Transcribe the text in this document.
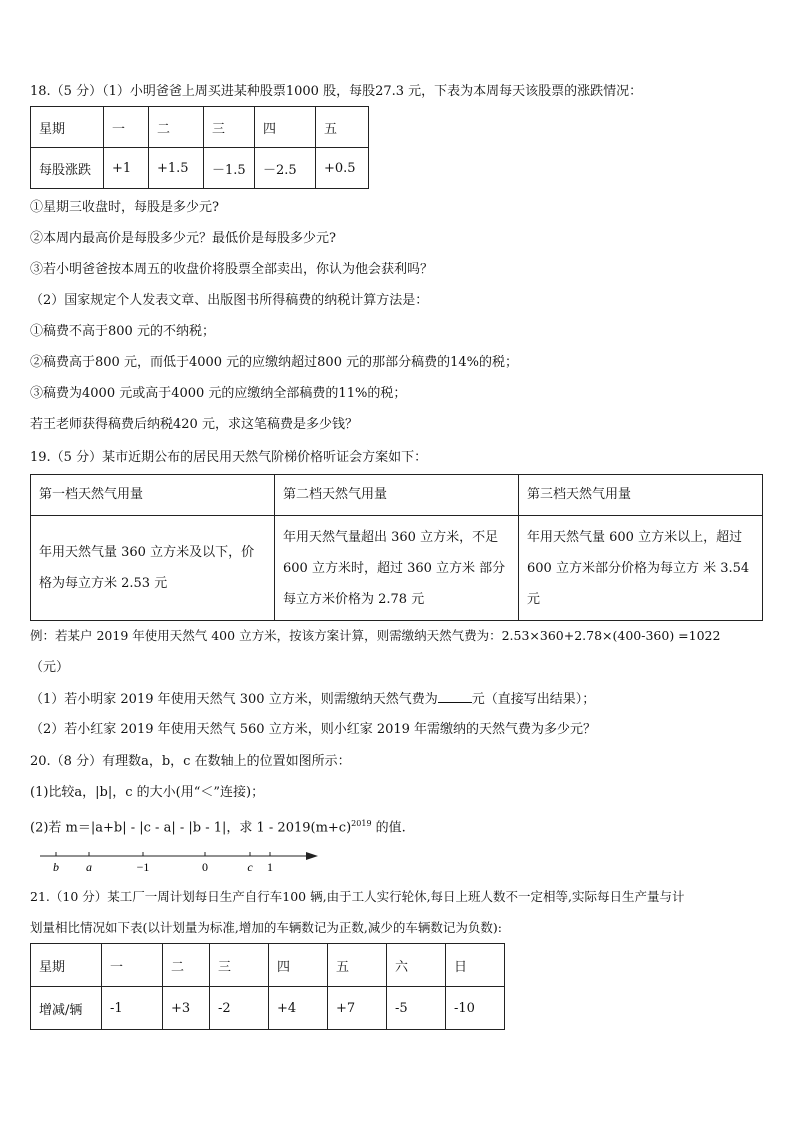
18.（5 分）（1）小明爸爸上周买进某种股票1000 股，每股27.3 元，下表为本周每天该股票的涨跌情况：
星期	一	二	三	四	五
每股涨跌	+1	+1.5	－1.5	－2.5	+0.5
①星期三收盘时，每股是多少元?
②本周内最高价是每股多少元？最低价是每股多少元?
③若小明爸爸按本周五的收盘价将股票全部卖出，你认为他会获利吗？
（2）国家规定个人发表文章、出版图书所得稿费的纳税计算方法是：
①稿费不高于800 元的不纳税；
②稿费高于800 元，而低于4000 元的应缴纳超过800 元的那部分稿费的14%的税；
③稿费为4000 元或高于4000 元的应缴纳全部稿费的11%的税；
若王老师获得稿费后纳税420 元，求这笔稿费是多少钱？
19.（5 分）某市近期公布的居民用天然气阶梯价格听证会方案如下：
第一档天然气用量	第二档天然气用量	第三档天然气用量
年用天然气量 360 立方米及以下，价格为每立方米 2.53 元	年用天然气量超出 360 立方米，不足 600 立方米时，超过 360 立方米 部分每立方米价格为 2.78 元	年用天然气量 600 立方米以上，超过 600 立方米部分价格为每立方 米 3.54 元
例：若某户 2019 年使用天然气 400 立方米，按该方案计算，则需缴纳天然气费为：2.53×360+2.78×(400-360) =1022
（元）
（1）若小明家 2019 年使用天然气 300 立方米，则需缴纳天然气费为	元（直接写出结果）；
（2）若小红家 2019 年使用天然气 560 立方米，则小红家 2019 年需缴纳的天然气费为多少元？
20.（8 分）有理数a，b，c 在数轴上的位置如图所示：
(1)比较a，|b|，c 的大小(用“＜”连接)；
(2)若 m＝|a+b| - |c - a| - |b - 1|，求 $1 - 2019(m+c)^{2019}$ 的值.
b a	−1	0	c 1
21.（10 分）某工厂一周计划每日生产自行车100 辆,由于工人实行轮休,每日上班人数不一定相等,实际每日生产量与计
划量相比情况如下表(以计划量为标准,增加的车辆数记为正数,减少的车辆数记为负数):
星期	一	二	三	四	五	六	日
增减/辆	-1	+3	-2	+4	+7	-5	-10
